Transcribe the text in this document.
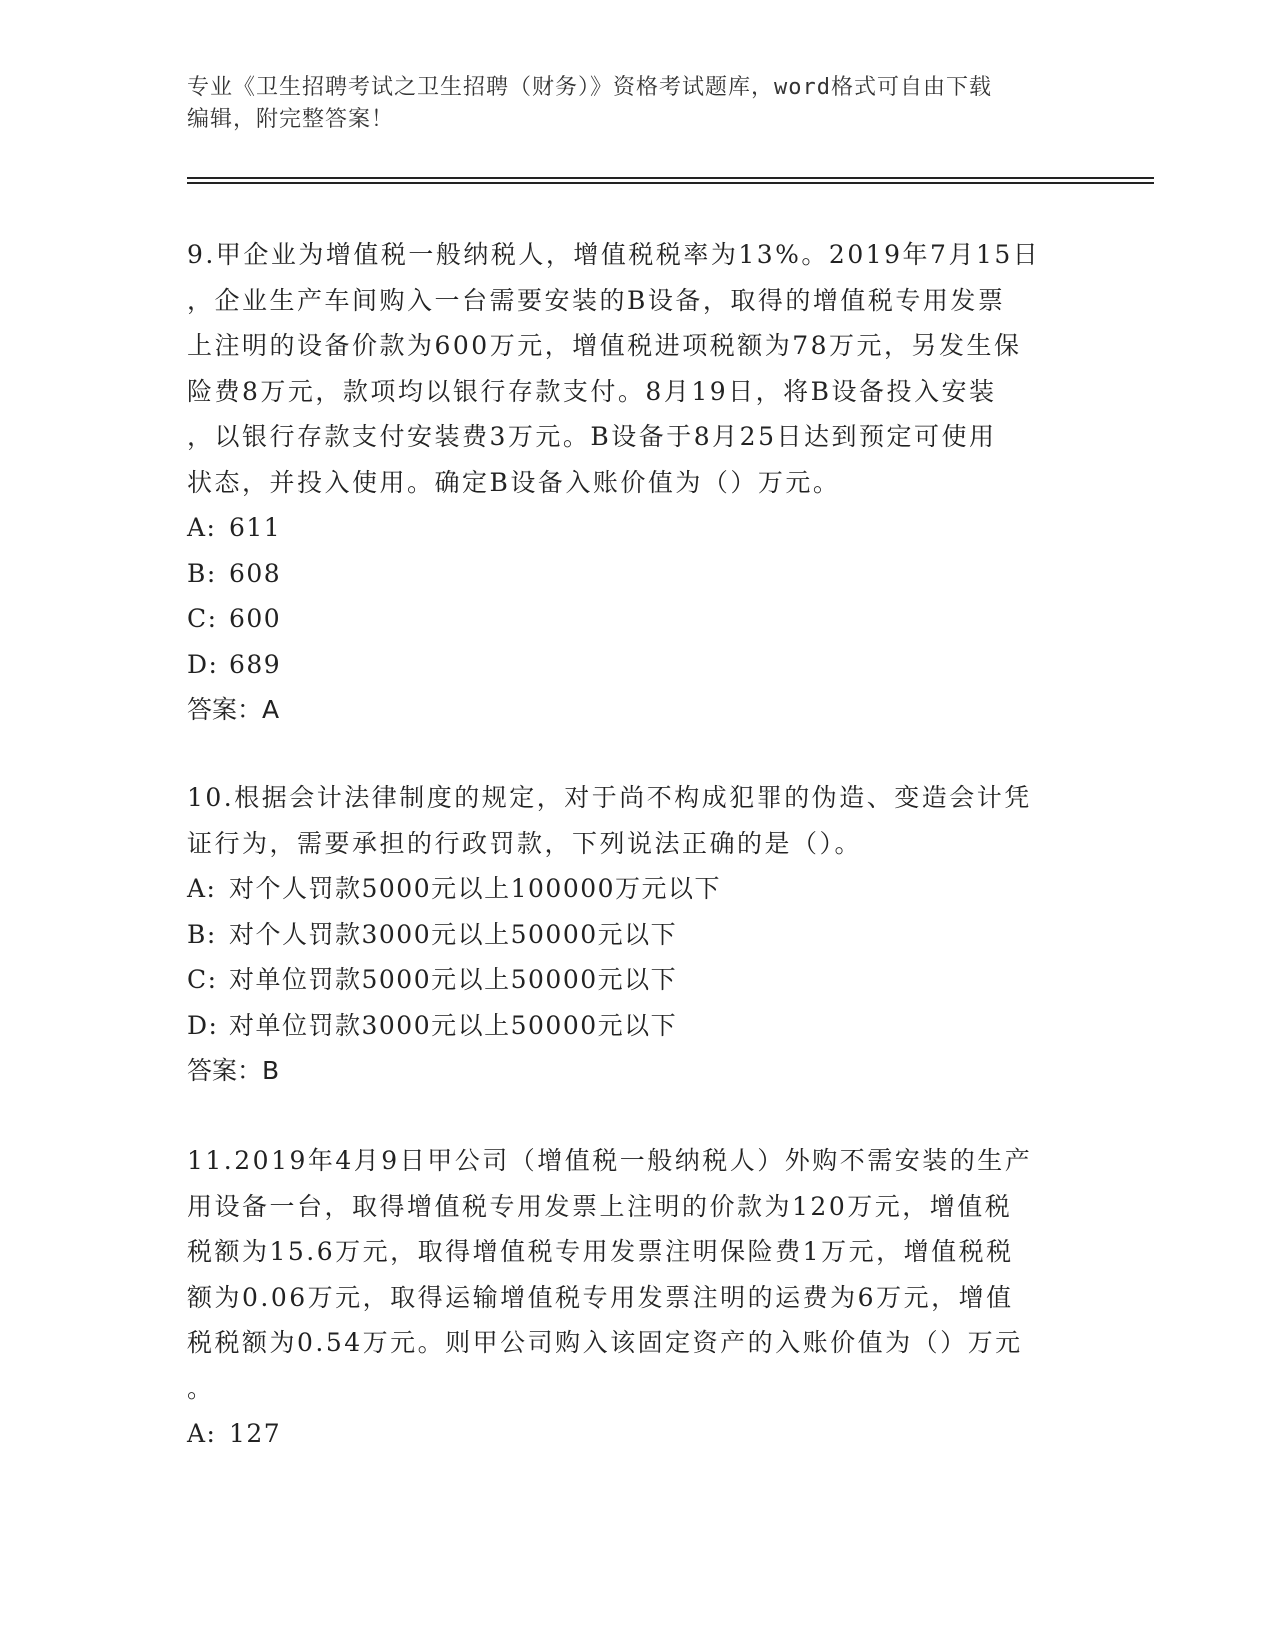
专业《卫生招聘考试之卫生招聘（财务）》资格考试题库，word格式可自由下载
编辑，附完整答案！
9.甲企业为增值税一般纳税人，增值税税率为13%。2019年7月15日
，企业生产车间购入一台需要安装的B设备，取得的增值税专用发票
上注明的设备价款为600万元，增值税进项税额为78万元，另发生保
险费8万元，款项均以银行存款支付。8月19日，将B设备投入安装
，以银行存款支付安装费3万元。B设备于8月25日达到预定可使用
状态，并投入使用。确定B设备入账价值为（）万元。
A: 611
B: 608
C: 600
D: 689
答案：A
10.根据会计法律制度的规定，对于尚不构成犯罪的伪造、变造会计凭
证行为，需要承担的行政罚款，下列说法正确的是（）。
A: 对个人罚款5000元以上100000万元以下
B: 对个人罚款3000元以上50000元以下
C: 对单位罚款5000元以上50000元以下
D: 对单位罚款3000元以上50000元以下
答案：B
11.2019年4月9日甲公司（增值税一般纳税人）外购不需安装的生产
用设备一台，取得增值税专用发票上注明的价款为120万元，增值税
税额为15.6万元，取得增值税专用发票注明保险费1万元，增值税税
额为0.06万元，取得运输增值税专用发票注明的运费为6万元，增值
税税额为0.54万元。则甲公司购入该固定资产的入账价值为（）万元
。
A: 127
